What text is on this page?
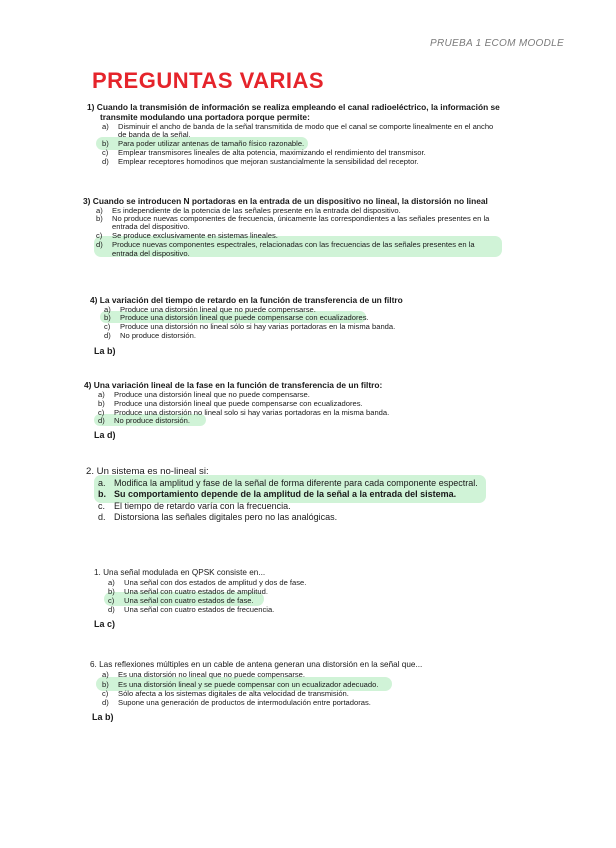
PRUEBA 1 ECOM MOODLE
PREGUNTAS VARIAS
1) Cuando la transmisión de información se realiza empleando el canal radioeléctrico, la información se
transmite modulando una portadora porque permite:
a) Disminuir el ancho de banda de la señal transmitida de modo que el canal se comporte linealmente en el ancho
de banda de la señal.
b) Para poder utilizar antenas de tamaño físico razonable.
c) Emplear transmisores lineales de alta potencia, maximizando el rendimiento del transmisor.
d) Emplear receptores homodinos que mejoran sustancialmente la sensibilidad del receptor.
3) Cuando se introducen N portadoras en la entrada de un dispositivo no lineal, la distorsión no lineal
a) Es independiente de la potencia de las señales presente en la entrada del dispositivo.
b) No produce nuevas componentes de frecuencia, únicamente las correspondientes a las señales presentes en la
entrada del dispositivo.
c) Se produce exclusivamente en sistemas lineales.
d) Produce nuevas componentes espectrales, relacionadas con las frecuencias de las señales presentes en la
entrada del dispositivo.
4) La variación del tiempo de retardo en la función de transferencia de un filtro
a) Produce una distorsión lineal que no puede compensarse.
b) Produce una distorsión lineal que puede compensarse con ecualizadores.
c) Produce una distorsión no lineal sólo si hay varias portadoras en la misma banda.
d) No produce distorsión.
La b)
4) Una variación lineal de la fase en la función de transferencia de un filtro:
a) Produce una distorsión lineal que no puede compensarse.
b) Produce una distorsión lineal que puede compensarse con ecualizadores.
c) Produce una distorsión no lineal solo si hay varias portadoras en la misma banda.
d) No produce distorsión.
La d)
2. Un sistema es no-lineal si:
a. Modifica la amplitud y fase de la señal de forma diferente para cada componente espectral.
b. Su comportamiento depende de la amplitud de la señal a la entrada del sistema.
c. El tiempo de retardo varía con la frecuencia.
d. Distorsiona las señales digitales pero no las analógicas.
1. Una señal modulada en QPSK consiste en...
a) Una señal con dos estados de amplitud y dos de fase.
b) Una señal con cuatro estados de amplitud.
c) Una señal con cuatro estados de fase.
d) Una señal con cuatro estados de frecuencia.
La c)
6. Las reflexiones múltiples en un cable de antena generan una distorsión en la señal que...
a) Es una distorsión no lineal que no puede compensarse.
b) Es una distorsión lineal y se puede compensar con un ecualizador adecuado.
c) Sólo afecta a los sistemas digitales de alta velocidad de transmisión.
d) Supone una generación de productos de intermodulación entre portadoras.
La b)
